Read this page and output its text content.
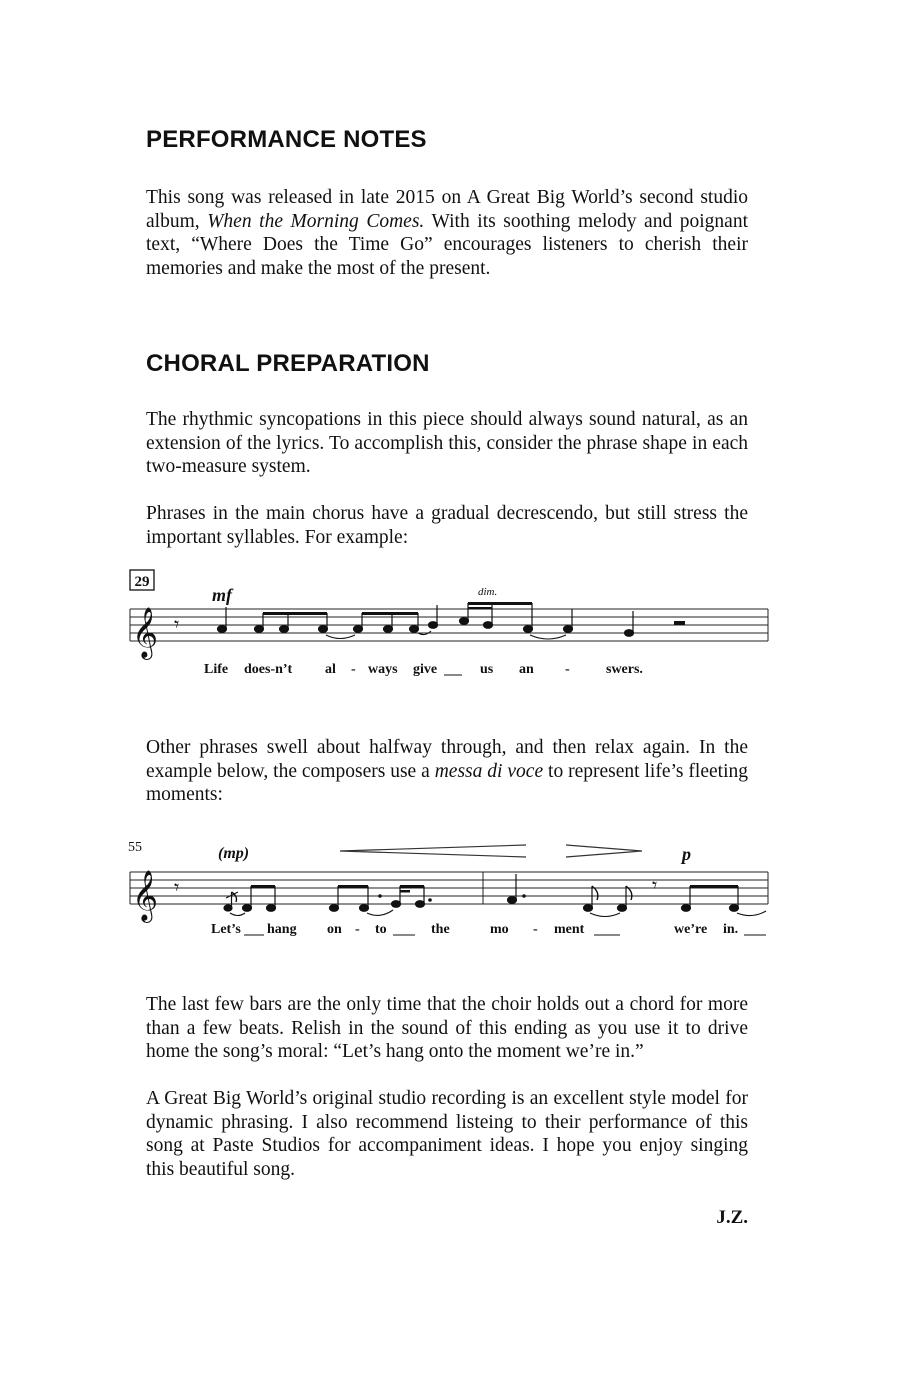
PERFORMANCE NOTES

This song was released in late 2015 on A Great Big World’s second studio album, When the Morning Comes. With its soothing melody and poignant text, “Where Does the Time Go” encourages listeners to cherish their memories and make the most of the present.

CHORAL PREPARATION

The rhythmic syncopations in this piece should always sound natural, as an extension of the lyrics. To accomplish this, consider the phrase shape in each two-measure system.

Phrases in the main chorus have a gradual decrescendo, but still stress the important syllables. For example:

29
mf	dim.
𝄞 𝄾
Life does-n’t al - ways give	us an -	swers.

Other phrases swell about halfway through, and then relax again. In the example below, the composers use a messa di voce to represent life’s fleeting moments:

55	(mp)	p
𝄞 𝄾	𝄾
Let’s hang on - to	the	mo - ment	we’re in.

The last few bars are the only time that the choir holds out a chord for more than a few beats. Relish in the sound of this ending as you use it to drive home the song’s moral: “Let’s hang onto the moment we’re in.”

A Great Big World’s original studio recording is an excellent style model for dynamic phrasing. I also recommend listeing to their performance of this song at Paste Studios for accompaniment ideas. I hope you enjoy singing this beautiful song.

J.Z.
